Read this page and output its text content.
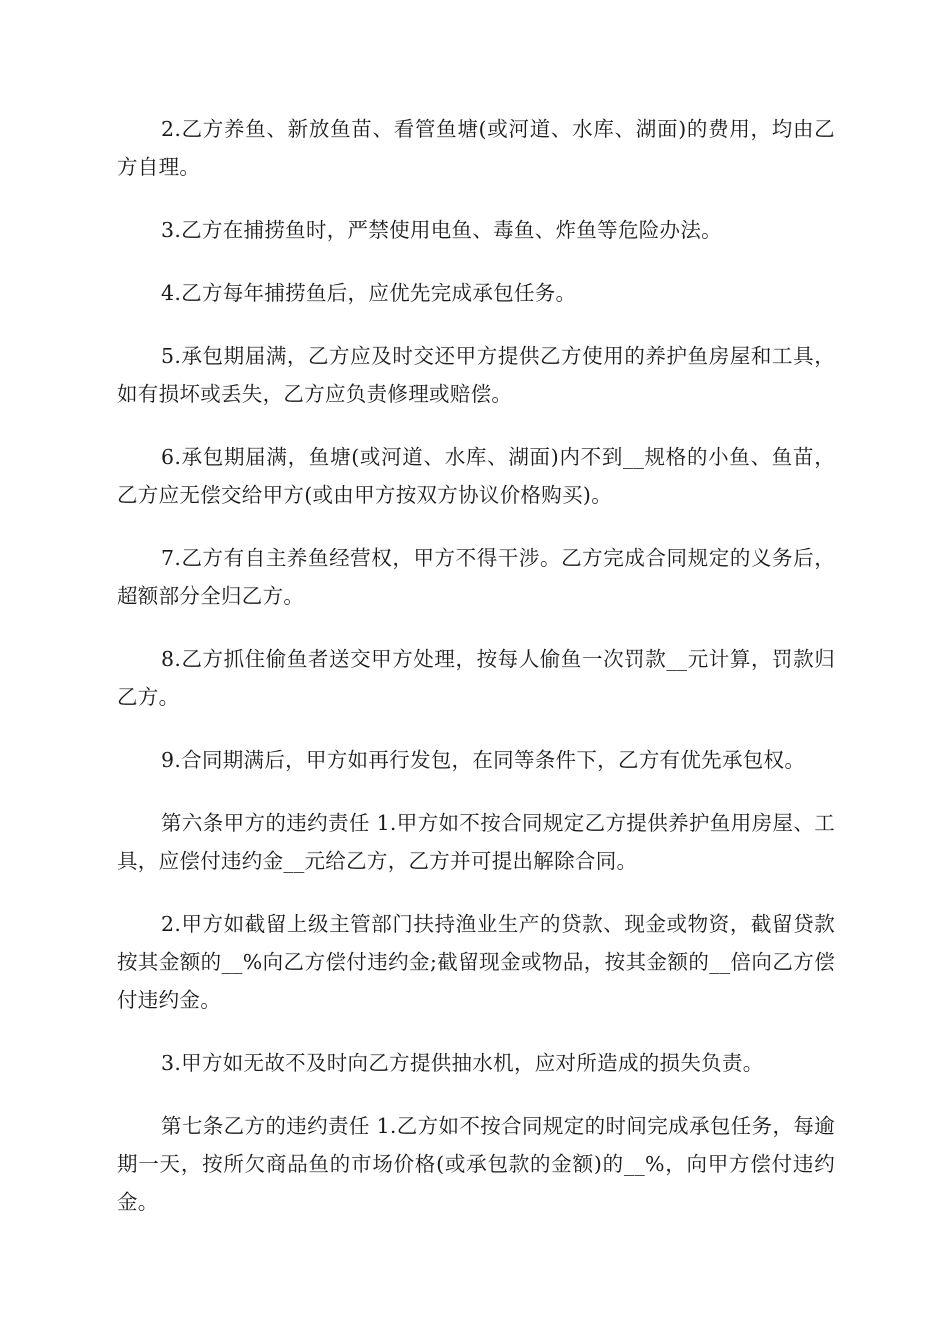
2.乙方养鱼、新放鱼苗、看管鱼塘(或河道、水库、湖面)的费用，均由乙方自理。

3.乙方在捕捞鱼时，严禁使用电鱼、毒鱼、炸鱼等危险办法。

4.乙方每年捕捞鱼后，应优先完成承包任务。

5.承包期届满，乙方应及时交还甲方提供乙方使用的养护鱼房屋和工具，如有损坏或丢失，乙方应负责修理或赔偿。

6.承包期届满，鱼塘(或河道、水库、湖面)内不到__规格的小鱼、鱼苗，乙方应无偿交给甲方(或由甲方按双方协议价格购买)。

7.乙方有自主养鱼经营权，甲方不得干涉。乙方完成合同规定的义务后，超额部分全归乙方。

8.乙方抓住偷鱼者送交甲方处理，按每人偷鱼一次罚款__元计算，罚款归乙方。

9.合同期满后，甲方如再行发包，在同等条件下，乙方有优先承包权。

第六条甲方的违约责任 1.甲方如不按合同规定乙方提供养护鱼用房屋、工具，应偿付违约金__元给乙方，乙方并可提出解除合同。

2.甲方如截留上级主管部门扶持渔业生产的贷款、现金或物资，截留贷款按其金额的__%向乙方偿付违约金;截留现金或物品，按其金额的__倍向乙方偿付违约金。

3.甲方如无故不及时向乙方提供抽水机，应对所造成的损失负责。

第七条乙方的违约责任 1.乙方如不按合同规定的时间完成承包任务，每逾期一天，按所欠商品鱼的市场价格(或承包款的金额)的__%，向甲方偿付违约金。
